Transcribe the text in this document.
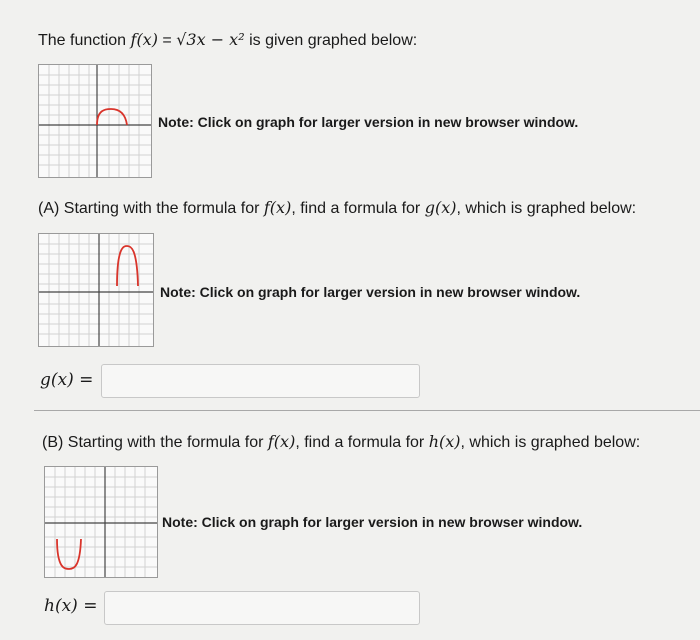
The function f(x) = √3x − x² is given graphed below:
Note: Click on graph for larger version in new browser window.
(A) Starting with the formula for f(x), find a formula for g(x), which is graphed below:
Note: Click on graph for larger version in new browser window.
g(x) =
(B) Starting with the formula for f(x), find a formula for h(x), which is graphed below:
Note: Click on graph for larger version in new browser window.
h(x) =
